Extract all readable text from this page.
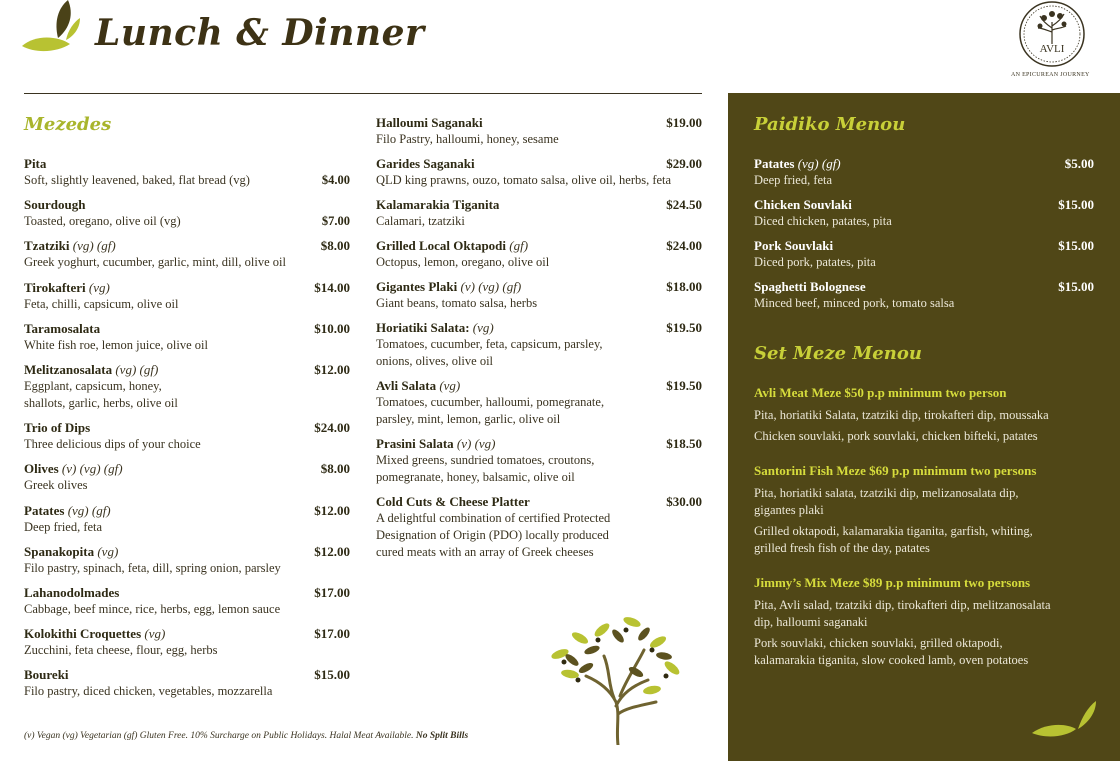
Lunch & Dinner	AVLI
AN EPICUREAN JOURNEY
Mezedes
Pita
Soft, slightly leavened, baked, flat bread (vg)	$4.00
Sourdough
Toasted, oregano, olive oil (vg)	$7.00
Tzatziki (vg) (gf)	$8.00
Greek yoghurt, cucumber, garlic, mint, dill, olive oil
Tirokafteri (vg)	$14.00
Feta, chilli, capsicum, olive oil
Taramosalata	$10.00
White fish roe, lemon juice, olive oil
Melitzanosalata (vg) (gf)	$12.00
Eggplant, capsicum, honey,
shallots, garlic, herbs, olive oil
Trio of Dips	$24.00
Three delicious dips of your choice
Olives (v) (vg) (gf)	$8.00
Greek olives
Patates (vg) (gf)	$12.00
Deep fried, feta
Spanakopita (vg)	$12.00
Filo pastry, spinach, feta, dill, spring onion, parsley
Lahanodolmades	$17.00
Cabbage, beef mince, rice, herbs, egg, lemon sauce
Kolokithi Croquettes (vg)	$17.00
Zucchini, feta cheese, flour, egg, herbs
Boureki	$15.00
Filo pastry, diced chicken, vegetables, mozzarella
Halloumi Saganaki	$19.00
Filo Pastry, halloumi, honey, sesame
Garides Saganaki	$29.00
QLD king prawns, ouzo, tomato salsa, olive oil, herbs, feta
Kalamarakia Tiganita	$24.50
Calamari, tzatziki
Grilled Local Oktapodi (gf)	$24.00
Octopus, lemon, oregano, olive oil
Gigantes Plaki (v) (vg) (gf)	$18.00
Giant beans, tomato salsa, herbs
Horiatiki Salata: (vg)	$19.50
Tomatoes, cucumber, feta, capsicum, parsley,
onions, olives, olive oil
Avli Salata (vg)	$19.50
Tomatoes, cucumber, halloumi, pomegranate,
parsley, mint, lemon, garlic, olive oil
Prasini Salata (v) (vg)	$18.50
Mixed greens, sundried tomatoes, croutons,
pomegranate, honey, balsamic, olive oil
Cold Cuts & Cheese Platter	$30.00
A delightful combination of certified Protected
Designation of Origin (PDO) locally produced
cured meats with an array of Greek cheeses
(v) Vegan (vg) Vegetarian (gf) Gluten Free. 10% Surcharge on Public Holidays. Halal Meat Available. No Split Bills
Paidiko Menou
Patates (vg) (gf)	$5.00
Deep fried, feta
Chicken Souvlaki	$15.00
Diced chicken, patates, pita
Pork Souvlaki	$15.00
Diced pork, patates, pita
Spaghetti Bolognese	$15.00
Minced beef, minced pork, tomato salsa
Set Meze Menou
Avli Meat Meze $50 p.p minimum two person
Pita, horiatiki Salata, tzatziki dip, tirokafteri dip, moussaka
Chicken souvlaki, pork souvlaki, chicken bifteki, patates
Santorini Fish Meze $69 p.p minimum two persons
Pita, horiatiki salata, tzatziki dip, melizanosalata dip,
gigantes plaki
Grilled oktapodi, kalamarakia tiganita, garfish, whiting,
grilled fresh fish of the day, patates
Jimmy’s Mix Meze $89 p.p minimum two persons
Pita, Avli salad, tzatziki dip, tirokafteri dip, melitzanosalata
dip, halloumi saganaki
Pork souvlaki, chicken souvlaki, grilled oktapodi,
kalamarakia tiganita, slow cooked lamb, oven potatoes
